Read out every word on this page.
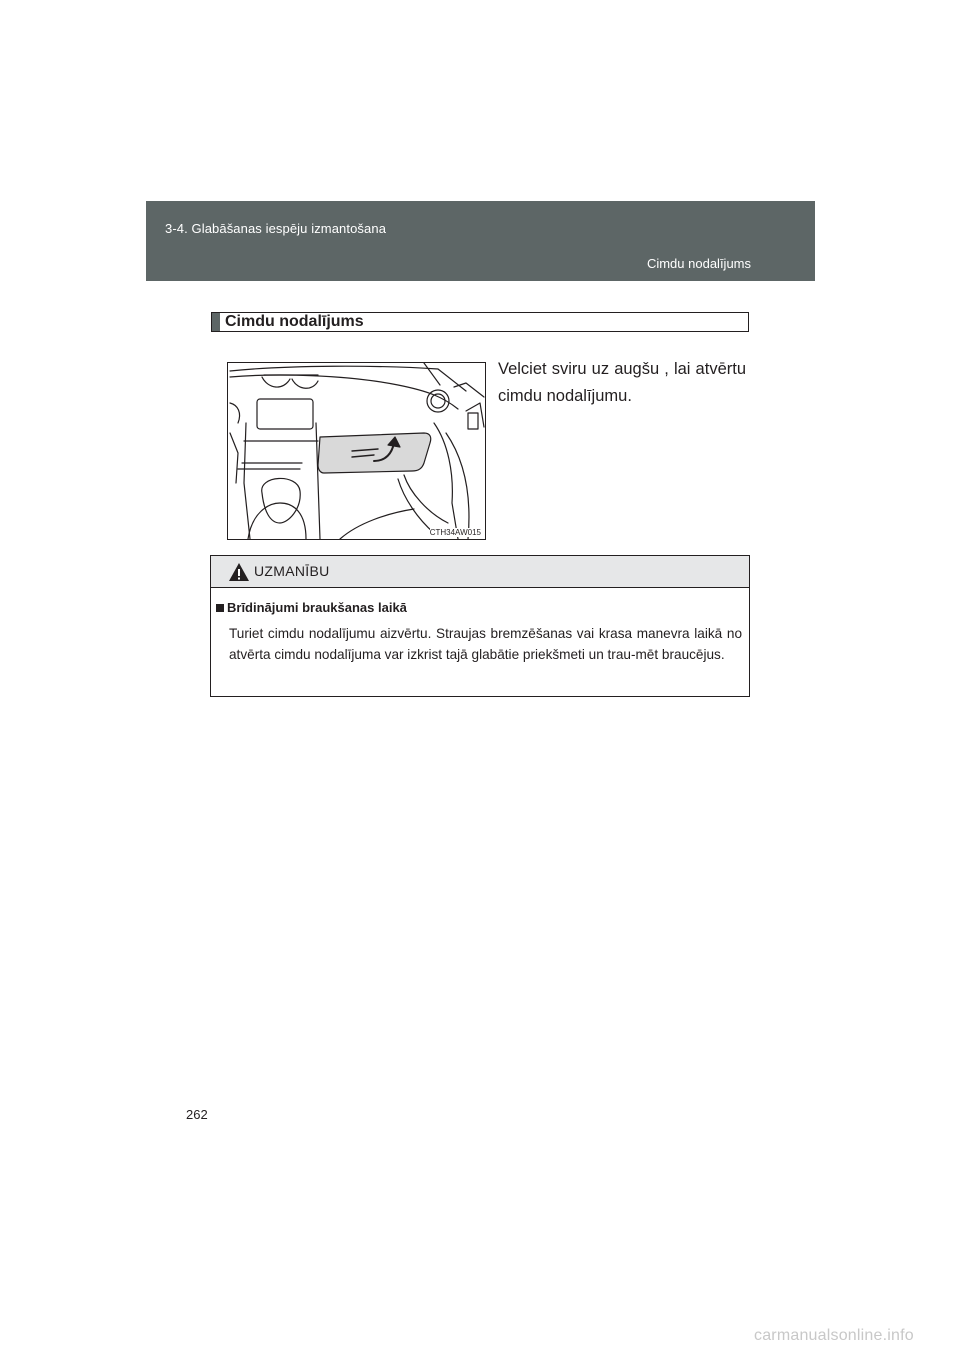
3-4. Glabāšanas iespēju izmantošana
Cimdu nodalījums
Cimdu nodalījums
CTH34AW015
Velciet sviru uz augšu , lai atvērtu cimdu nodalījumu.
UZMANĪBU
Brīdinājumi braukšanas laikā
Turiet cimdu nodalījumu aizvērtu. Straujas bremzēšanas vai krasa manevra laikā no atvērta cimdu nodalījuma var izkrist tajā glabātie priekšmeti un trau-mēt braucējus.
262
carmanualsonline.info
